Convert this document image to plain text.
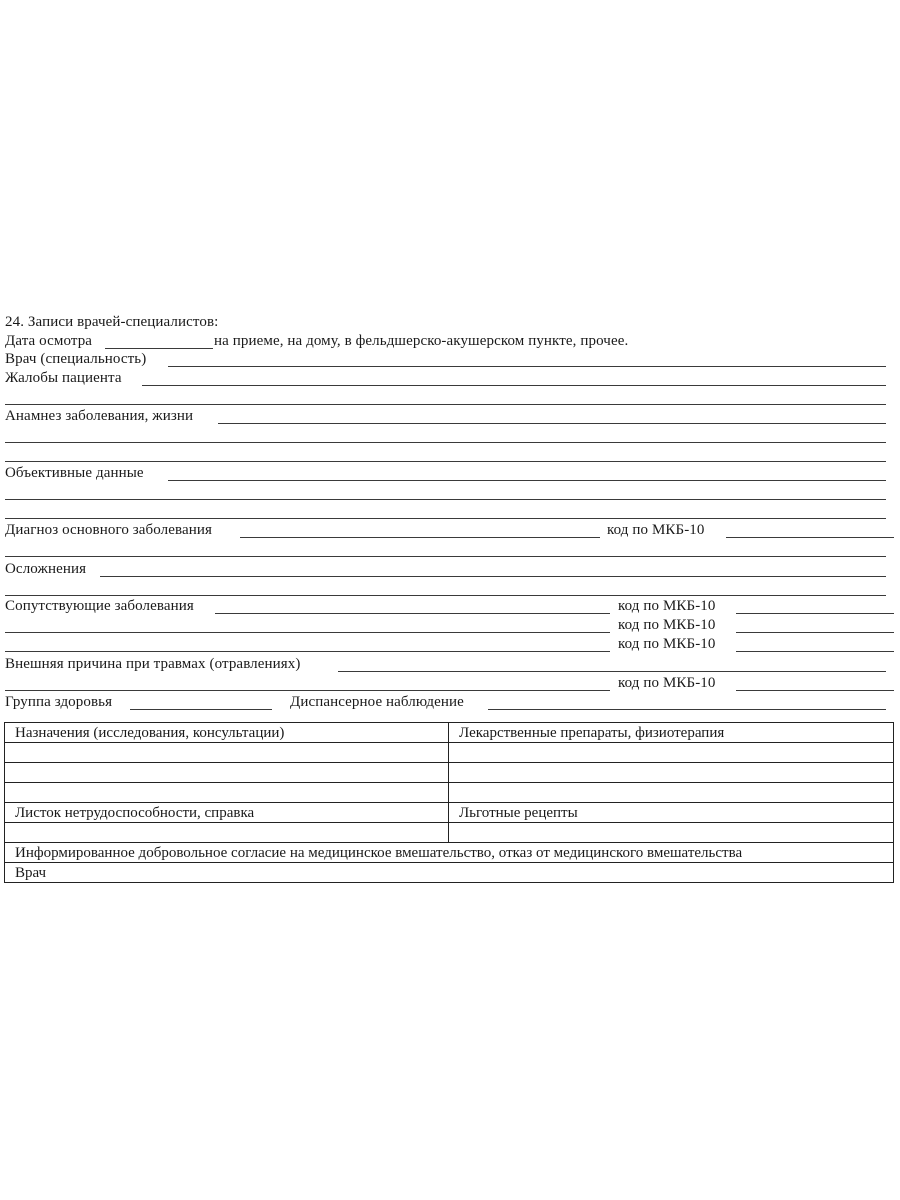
24. Записи врачей-специалистов:
Дата осмотра	на приеме, на дому, в фельдшерско-акушерском пункте, прочее.
Врач (специальность)
Жалобы пациента
Анамнез заболевания, жизни
Объективные данные
Диагноз основного заболевания	код по МКБ-10
Осложнения
Сопутствующие заболевания	код по МКБ-10
код по МКБ-10
код по МКБ-10
Внешняя причина при травмах (отравлениях)
код по МКБ-10
Группа здоровья	Диспансерное наблюдение
Назначения (исследования, консультации)	Лекарственные препараты, физиотерапия
Листок нетрудоспособности, справка	Льготные рецепты
Информированное добровольное согласие на медицинское вмешательство, отказ от медицинского вмешательства
Врач
